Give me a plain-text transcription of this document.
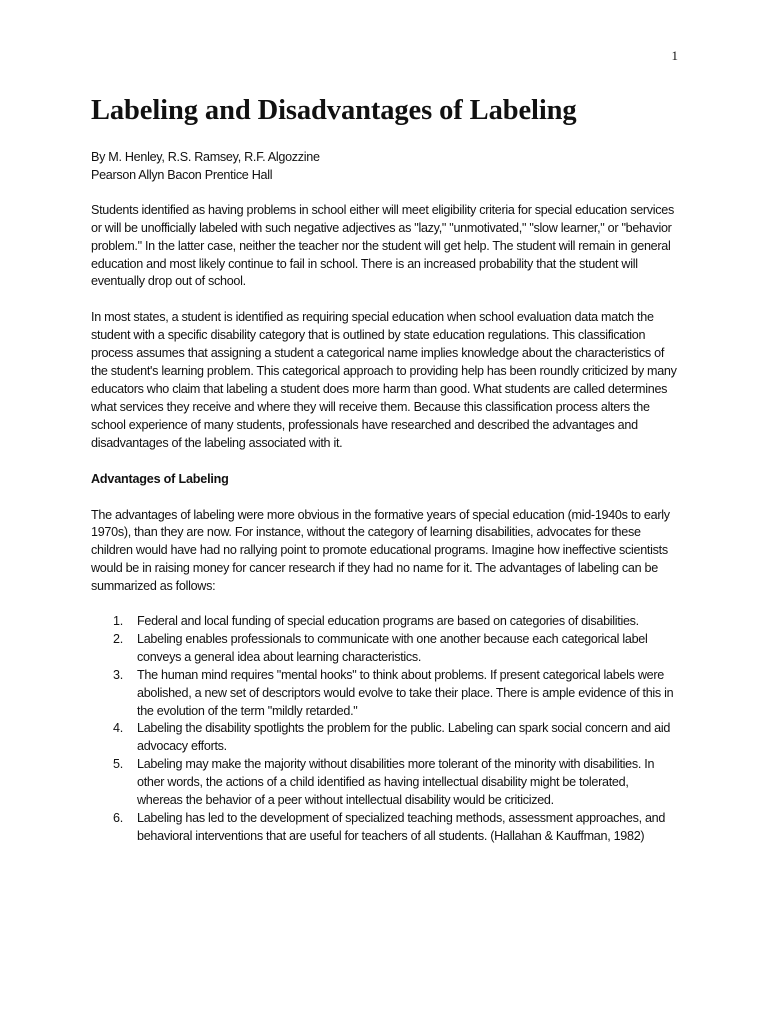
1
Labeling and Disadvantages of Labeling
By M. Henley, R.S. Ramsey, R.F. Algozzine
Pearson Allyn Bacon Prentice Hall

Students identified as having problems in school either will meet eligibility criteria for special education services or will be unofficially labeled with such negative adjectives as "lazy," "unmotivated," "slow learner," or "behavior problem." In the latter case, neither the teacher nor the student will get help. The student will remain in general education and most likely continue to fail in school. There is an increased probability that the student will eventually drop out of school.

In most states, a student is identified as requiring special education when school evaluation data match the student with a specific disability category that is outlined by state education regulations. This classification process assumes that assigning a student a categorical name implies knowledge about the characteristics of the student's learning problem. This categorical approach to providing help has been roundly criticized by many educators who claim that labeling a student does more harm than good. What students are called determines what services they receive and where they will receive them. Because this classification process alters the school experience of many students, professionals have researched and described the advantages and disadvantages of the labeling associated with it.

Advantages of Labeling

The advantages of labeling were more obvious in the formative years of special education (mid-1940s to early 1970s), than they are now. For instance, without the category of learning disabilities, advocates for these children would have had no rallying point to promote educational programs. Imagine how ineffective scientists would be in raising money for cancer research if they had no name for it. The advantages of labeling can be summarized as follows:

1. Federal and local funding of special education programs are based on categories of disabilities.
2. Labeling enables professionals to communicate with one another because each categorical label conveys a general idea about learning characteristics.
3. The human mind requires "mental hooks" to think about problems. If present categorical labels were abolished, a new set of descriptors would evolve to take their place. There is ample evidence of this in the evolution of the term "mildly retarded."
4. Labeling the disability spotlights the problem for the public. Labeling can spark social concern and aid advocacy efforts.
5. Labeling may make the majority without disabilities more tolerant of the minority with disabilities. In other words, the actions of a child identified as having intellectual disability might be tolerated, whereas the behavior of a peer without intellectual disability would be criticized.
6. Labeling has led to the development of specialized teaching methods, assessment approaches, and behavioral interventions that are useful for teachers of all students. (Hallahan & Kauffman, 1982)
